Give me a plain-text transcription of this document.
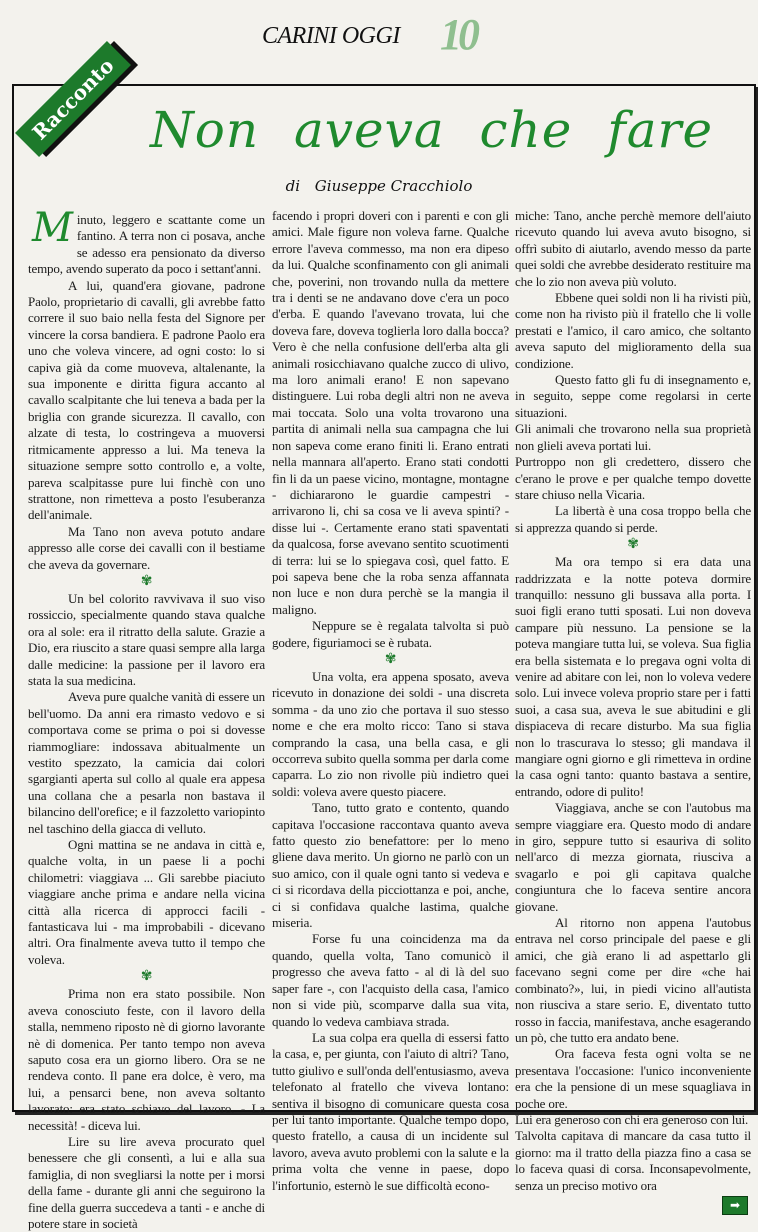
CARINI OGGI 10
Racconto Non aveva che fare
di Giuseppe Cracchiolo

Minuto, leggero e scattante come un fantino. A terra non ci posava, anche se adesso era pensionato da diverso tempo, avendo superato da poco i settant'anni.

A lui, quand'era giovane, padrone Paolo, proprietario di cavalli, gli avrebbe fatto correre il suo baio nella festa del Signore per vincere la corsa bandiera. E padrone Paolo era uno che voleva vincere, ad ogni costo: lo si capiva già da come muoveva, altalenante, la sua imponente e diritta figura accanto al cavallo scalpitante che lui teneva a bada per la briglia con grande sicurezza. Il cavallo, con alzate di testa, lo costringeva a muoversi ritmicamente appresso a lui. Ma teneva la situazione sempre sotto controllo e, a volte, pareva scalpitasse pure lui finchè con uno strattone, non rimetteva a posto l'esuberanza dell'animale.

Ma Tano non aveva potuto andare appresso alle corse dei cavalli con il bestiame che aveva da governare.

✾

Un bel colorito ravvivava il suo viso rossiccio, specialmente quando stava qualche ora al sole: era il ritratto della salute. Grazie a Dio, era riuscito a stare quasi sempre alla larga dalle medicine: la passione per il lavoro era stata la sua medicina.

Aveva pure qualche vanità di essere un bell'uomo. Da anni era rimasto vedovo e si comportava come se prima o poi si dovesse riammogliare: indossava abitualmente un vestito spezzato, la camicia dai colori sgargianti aperta sul collo al quale era appesa una collana che a pesarla non bastava il bilancino dell'orefice; e il fazzoletto variopinto nel taschino della giacca di velluto.

Ogni mattina se ne andava in città e, qualche volta, in un paese li a pochi chilometri: viaggiava ... Gli sarebbe piaciuto viaggiare anche prima e andare nella vicina città alla ricerca di approcci facili - fantasticava lui - ma improbabili - dicevano altri. Ora finalmente aveva tutto il tempo che voleva.

✾

Prima non era stato possibile. Non aveva conosciuto feste, con il lavoro della stalla, nemmeno riposto nè di giorno lavorante nè di domenica. Per tanto tempo non aveva saputo cosa era un giorno libero. Ora se ne rendeva conto. Il pane era dolce, è vero, ma lui, a pensarci bene, non aveva soltanto lavorato: era stato schiavo del lavoro. - La necessità! - diceva lui.

Lire su lire aveva procurato quel benessere che gli consentì, a lui e alla sua famiglia, di non svegliarsi la notte per i morsi della fame - durante gli anni che seguirono la fine della guerra succedeva a tanti - e anche di potere stare in società

facendo i propri doveri con i parenti e con gli amici. Male figure non voleva farne. Qualche errore l'aveva commesso, ma non era dipeso da lui. Qualche sconfinamento con gli animali che, poverini, non trovando nulla da mettere tra i denti se ne andavano dove c'era un poco d'erba. E quando l'avevano trovata, lui che doveva fare, doveva toglierla loro dalla bocca? Vero è che nella confusione dell'erba alta gli animali rosicchiavano qualche zucco di ulivo, ma loro animali erano! E non sapevano distinguere. Lui roba degli altri non ne aveva mai toccata. Solo una volta trovarono una partita di animali nella sua campagna che lui non sapeva come erano finiti li. Erano entrati nella mannara all'aperto. Erano stati condotti fin li da un paese vicino, montagne, montagne - dichiararono le guardie campestri - arrivarono li, chi sa cosa ve li aveva spinti? - disse lui -. Certamente erano stati spaventati da qualcosa, forse avevano sentito scuotimenti di terra: lui se lo spiegava così, quel fatto. E poi sapeva bene che la roba senza affannata non luce e non dura perchè se la mangia il maligno.

Neppure se è regalata talvolta si può godere, figuriamoci se è rubata.

✾

Una volta, era appena sposato, aveva ricevuto in donazione dei soldi - una discreta somma - da uno zio che portava il suo stesso nome e che era molto ricco: Tano si stava comprando la casa, una bella casa, e gli occorreva subito quella somma per darla come caparra. Lo zio non rivolle più indietro quei soldi: voleva avere questo piacere.

Tano, tutto grato e contento, quando capitava l'occasione raccontava quanto aveva fatto questo zio benefattore: per lo meno gliene dava merito. Un giorno ne parlò con un suo amico, con il quale ogni tanto si vedeva e ci si ricordava della picciottanza e poi, anche, ci si confidava qualche lastima, qualche miseria.

Forse fu una coincidenza ma da quando, quella volta, Tano comunicò il progresso che aveva fatto - al di là del suo saper fare -, con l'acquisto della casa, l'amico non si vide più, scomparve dalla sua vita, quando lo vedeva cambiava strada.

La sua colpa era quella di essersi fatto la casa, e, per giunta, con l'aiuto di altri? Tano, tutto giulivo e sull'onda dell'entusiasmo, aveva telefonato al fratello che viveva lontano: sentiva il bisogno di comunicare questa cosa per lui tanto importante. Qualche tempo dopo, questo fratello, a causa di un incidente sul lavoro, aveva avuto problemi con la salute e la prima volta che venne in paese, dopo l'infortunio, esternò le sue difficoltà econo-

miche: Tano, anche perchè memore dell'aiuto ricevuto quando lui aveva avuto bisogno, si offrì subito di aiutarlo, avendo messo da parte quei soldi che avrebbe desiderato restituire ma che lo zio non aveva più voluto.

Ebbene quei soldi non li ha rivisti più, come non ha rivisto più il fratello che li volle prestati e l'amico, il caro amico, che soltanto aveva saputo del miglioramento della sua condizione.

Questo fatto gli fu di insegnamento e, in seguito, seppe come regolarsi in certe situazioni.

Gli animali che trovarono nella sua proprietà non glieli aveva portati lui.

Purtroppo non gli credettero, dissero che c'erano le prove e per qualche tempo dovette stare chiuso nella Vicaria.

La libertà è una cosa troppo bella che si apprezza quando si perde.

✾

Ma ora tempo si era data una raddrizzata e la notte poteva dormire tranquillo: nessuno gli bussava alla porta. I suoi figli erano tutti sposati. Lui non doveva campare più nessuno. La pensione se la poteva mangiare tutta lui, se voleva. Sua figlia era bella sistemata e lo pregava ogni volta di venire ad abitare con lei, non lo voleva vedere solo. Lui invece voleva proprio stare per i fatti suoi, a casa sua, aveva le sue abitudini e gli dispiaceva di recare disturbo. Ma sua figlia non lo trascurava lo stesso; gli mandava il mangiare ogni giorno e gli rimetteva in ordine la casa ogni tanto: quanto bastava a sentire, entrando, odore di pulito!

Viaggiava, anche se con l'autobus ma sempre viaggiare era. Questo modo di andare in giro, seppure tutto si esauriva di solito nell'arco di mezza giornata, riusciva a svagarlo e poi gli capitava qualche congiuntura che lo faceva sentire ancora giovane.

Al ritorno non appena l'autobus entrava nel corso principale del paese e gli amici, che già erano li ad aspettarlo gli facevano segni come per dire «che hai combinato?», lui, in piedi vicino all'autista non riusciva a stare serio. E, diventato tutto rosso in faccia, manifestava, anche esagerando un pò, che tutto era andato bene.

Ora faceva festa ogni volta se ne presentava l'occasione: l'unico inconveniente era che la pensione di un mese squagliava in poche ore.

Lui era generoso con chi era generoso con lui.

Talvolta capitava di mancare da casa tutto il giorno: ma il tratto della piazza fino a casa se lo faceva quasi di corsa. Inconsapevolmente, senza un preciso motivo ora

➡
